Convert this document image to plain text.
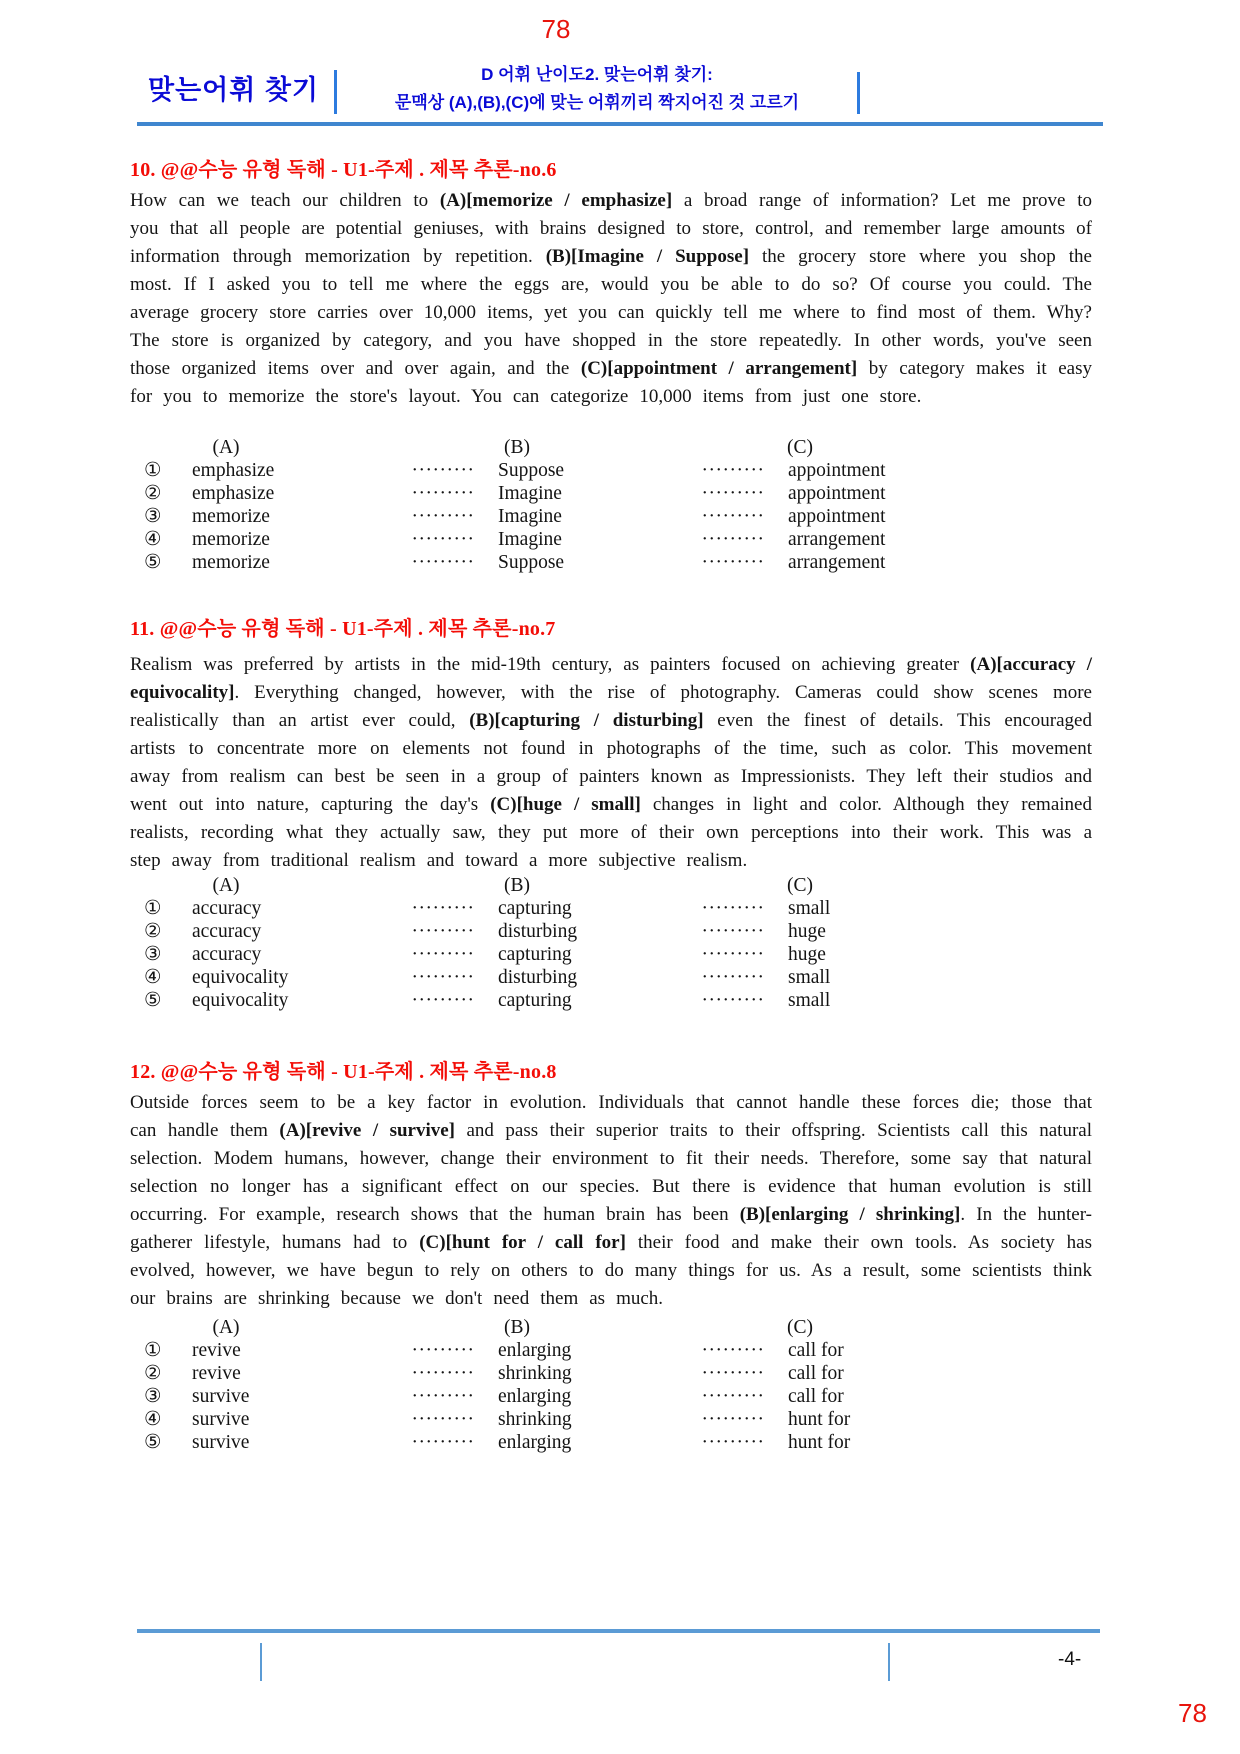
78
맞는어휘 찾기
D 어휘 난이도2. 맞는어휘 찾기:
문맥상 (A),(B),(C)에 맞는 어휘끼리 짝지어진 것 고르기
10. @@수능 유형 독해 - U1-주제 . 제목 추론-no.6
How can we teach our children to (A)[memorize / emphasize] a broad range of information? Let me prove to you that all people are potential geniuses, with brains designed to store, control, and remember large amounts of information through memorization by repetition. (B)[Imagine / Suppose] the grocery store where you shop the most. If I asked you to tell me where the eggs are, would you be able to do so? Of course you could. The average grocery store carries over 10,000 items, yet you can quickly tell me where to find most of them. Why? The store is organized by category, and you have shopped in the store repeatedly. In other words, you've seen those organized items over and over again, and the (C)[appointment / arrangement] by category makes it easy for you to memorize the store's layout. You can categorize 10,000 items from just one store.
(A)	(B)	(C)
①	emphasize	·········	Suppose	·········	appointment
②	emphasize	·········	Imagine	·········	appointment
③	memorize	·········	Imagine	·········	appointment
④	memorize	·········	Imagine	·········	arrangement
⑤	memorize	·········	Suppose	·········	arrangement
11. @@수능 유형 독해 - U1-주제 . 제목 추론-no.7
Realism was preferred by artists in the mid-19th century, as painters focused on achieving greater (A)[accuracy / equivocality]. Everything changed, however, with the rise of photography. Cameras could show scenes more realistically than an artist ever could, (B)[capturing / disturbing] even the finest of details. This encouraged artists to concentrate more on elements not found in photographs of the time, such as color. This movement away from realism can best be seen in a group of painters known as Impressionists. They left their studios and went out into nature, capturing the day's (C)[huge / small] changes in light and color. Although they remained realists, recording what they actually saw, they put more of their own perceptions into their work. This was a step away from traditional realism and toward a more subjective realism.
(A)	(B)	(C)
①	accuracy	·········	capturing	·········	small
②	accuracy	·········	disturbing	·········	huge
③	accuracy	·········	capturing	·········	huge
④	equivocality	·········	disturbing	·········	small
⑤	equivocality	·········	capturing	·········	small
12. @@수능 유형 독해 - U1-주제 . 제목 추론-no.8
Outside forces seem to be a key factor in evolution. Individuals that cannot handle these forces die; those that can handle them (A)[revive / survive] and pass their superior traits to their offspring. Scientists call this natural selection. Modem humans, however, change their environment to fit their needs. Therefore, some say that natural selection no longer has a significant effect on our species. But there is evidence that human evolution is still occurring. For example, research shows that the human brain has been (B)[enlarging / shrinking]. In the hunter-gatherer lifestyle, humans had to (C)[hunt for / call for] their food and make their own tools. As society has evolved, however, we have begun to rely on others to do many things for us. As a result, some scientists think our brains are shrinking because we don't need them as much.
(A)	(B)	(C)
①	revive	·········	enlarging	·········	call for
②	revive	·········	shrinking	·········	call for
③	survive	·········	enlarging	·········	call for
④	survive	·········	shrinking	·········	hunt for
⑤	survive	·········	enlarging	·········	hunt for
-4-
78
